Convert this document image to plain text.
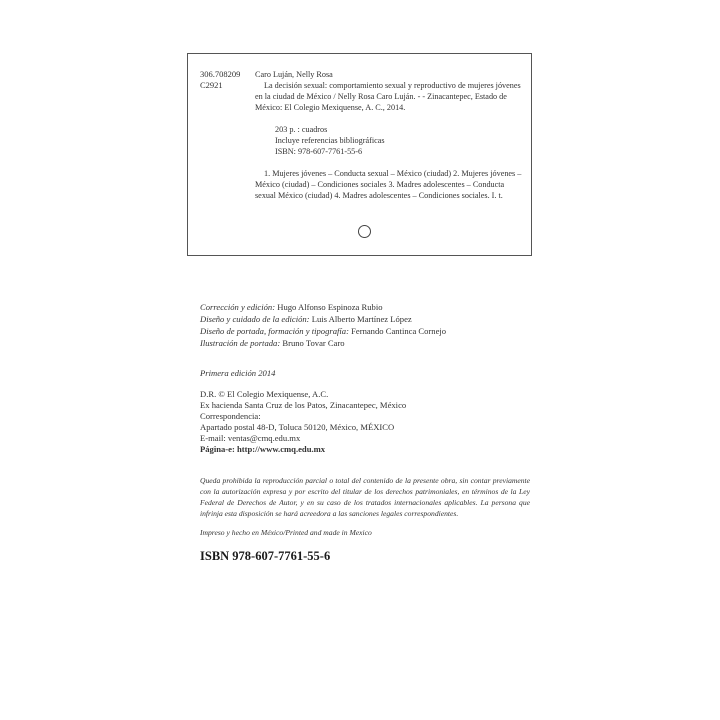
306.708209
C2921

Caro Luján, Nelly Rosa

La decisión sexual: comportamiento sexual y reproductivo de mujeres jóvenes en la ciudad de México / Nelly Rosa Caro Luján. - - Zinacantepec, Estado de México: El Colegio Mexiquense, A. C., 2014.

203 p. : cuadros
Incluye referencias bibliográficas
ISBN: 978-607-7761-55-6

1. Mujeres jóvenes – Conducta sexual – México (ciudad) 2. Mujeres jóvenes – México (ciudad) – Condiciones sociales 3. Madres adolescentes – Conducta sexual México (ciudad) 4. Madres adolescentes – Condiciones sociales. I. t.

Corrección y edición: Hugo Alfonso Espinoza Rubio
Diseño y cuidado de la edición: Luis Alberto Martínez López
Diseño de portada, formación y tipografía: Fernando Cantinca Cornejo
Ilustración de portada: Bruno Tovar Caro
Primera edición 2014
D.R. © El Colegio Mexiquense, A.C.
Ex hacienda Santa Cruz de los Patos, Zinacantepec, México
Correspondencia:
Apartado postal 48-D, Toluca 50120, México, MÉXICO
E-mail: ventas@cmq.edu.mx
Página-e: http://www.cmq.edu.mx
Queda prohibida la reproducción parcial o total del contenido de la presente obra, sin contar previamente con la autorización expresa y por escrito del titular de los derechos patrimoniales, en términos de la Ley Federal de Derechos de Autor, y en su caso de los tratados internacionales aplicables. La persona que infrinja esta disposición se hará acreedora a las sanciones legales correspondientes.
Impreso y hecho en México/Printed and made in Mexico
ISBN 978-607-7761-55-6
